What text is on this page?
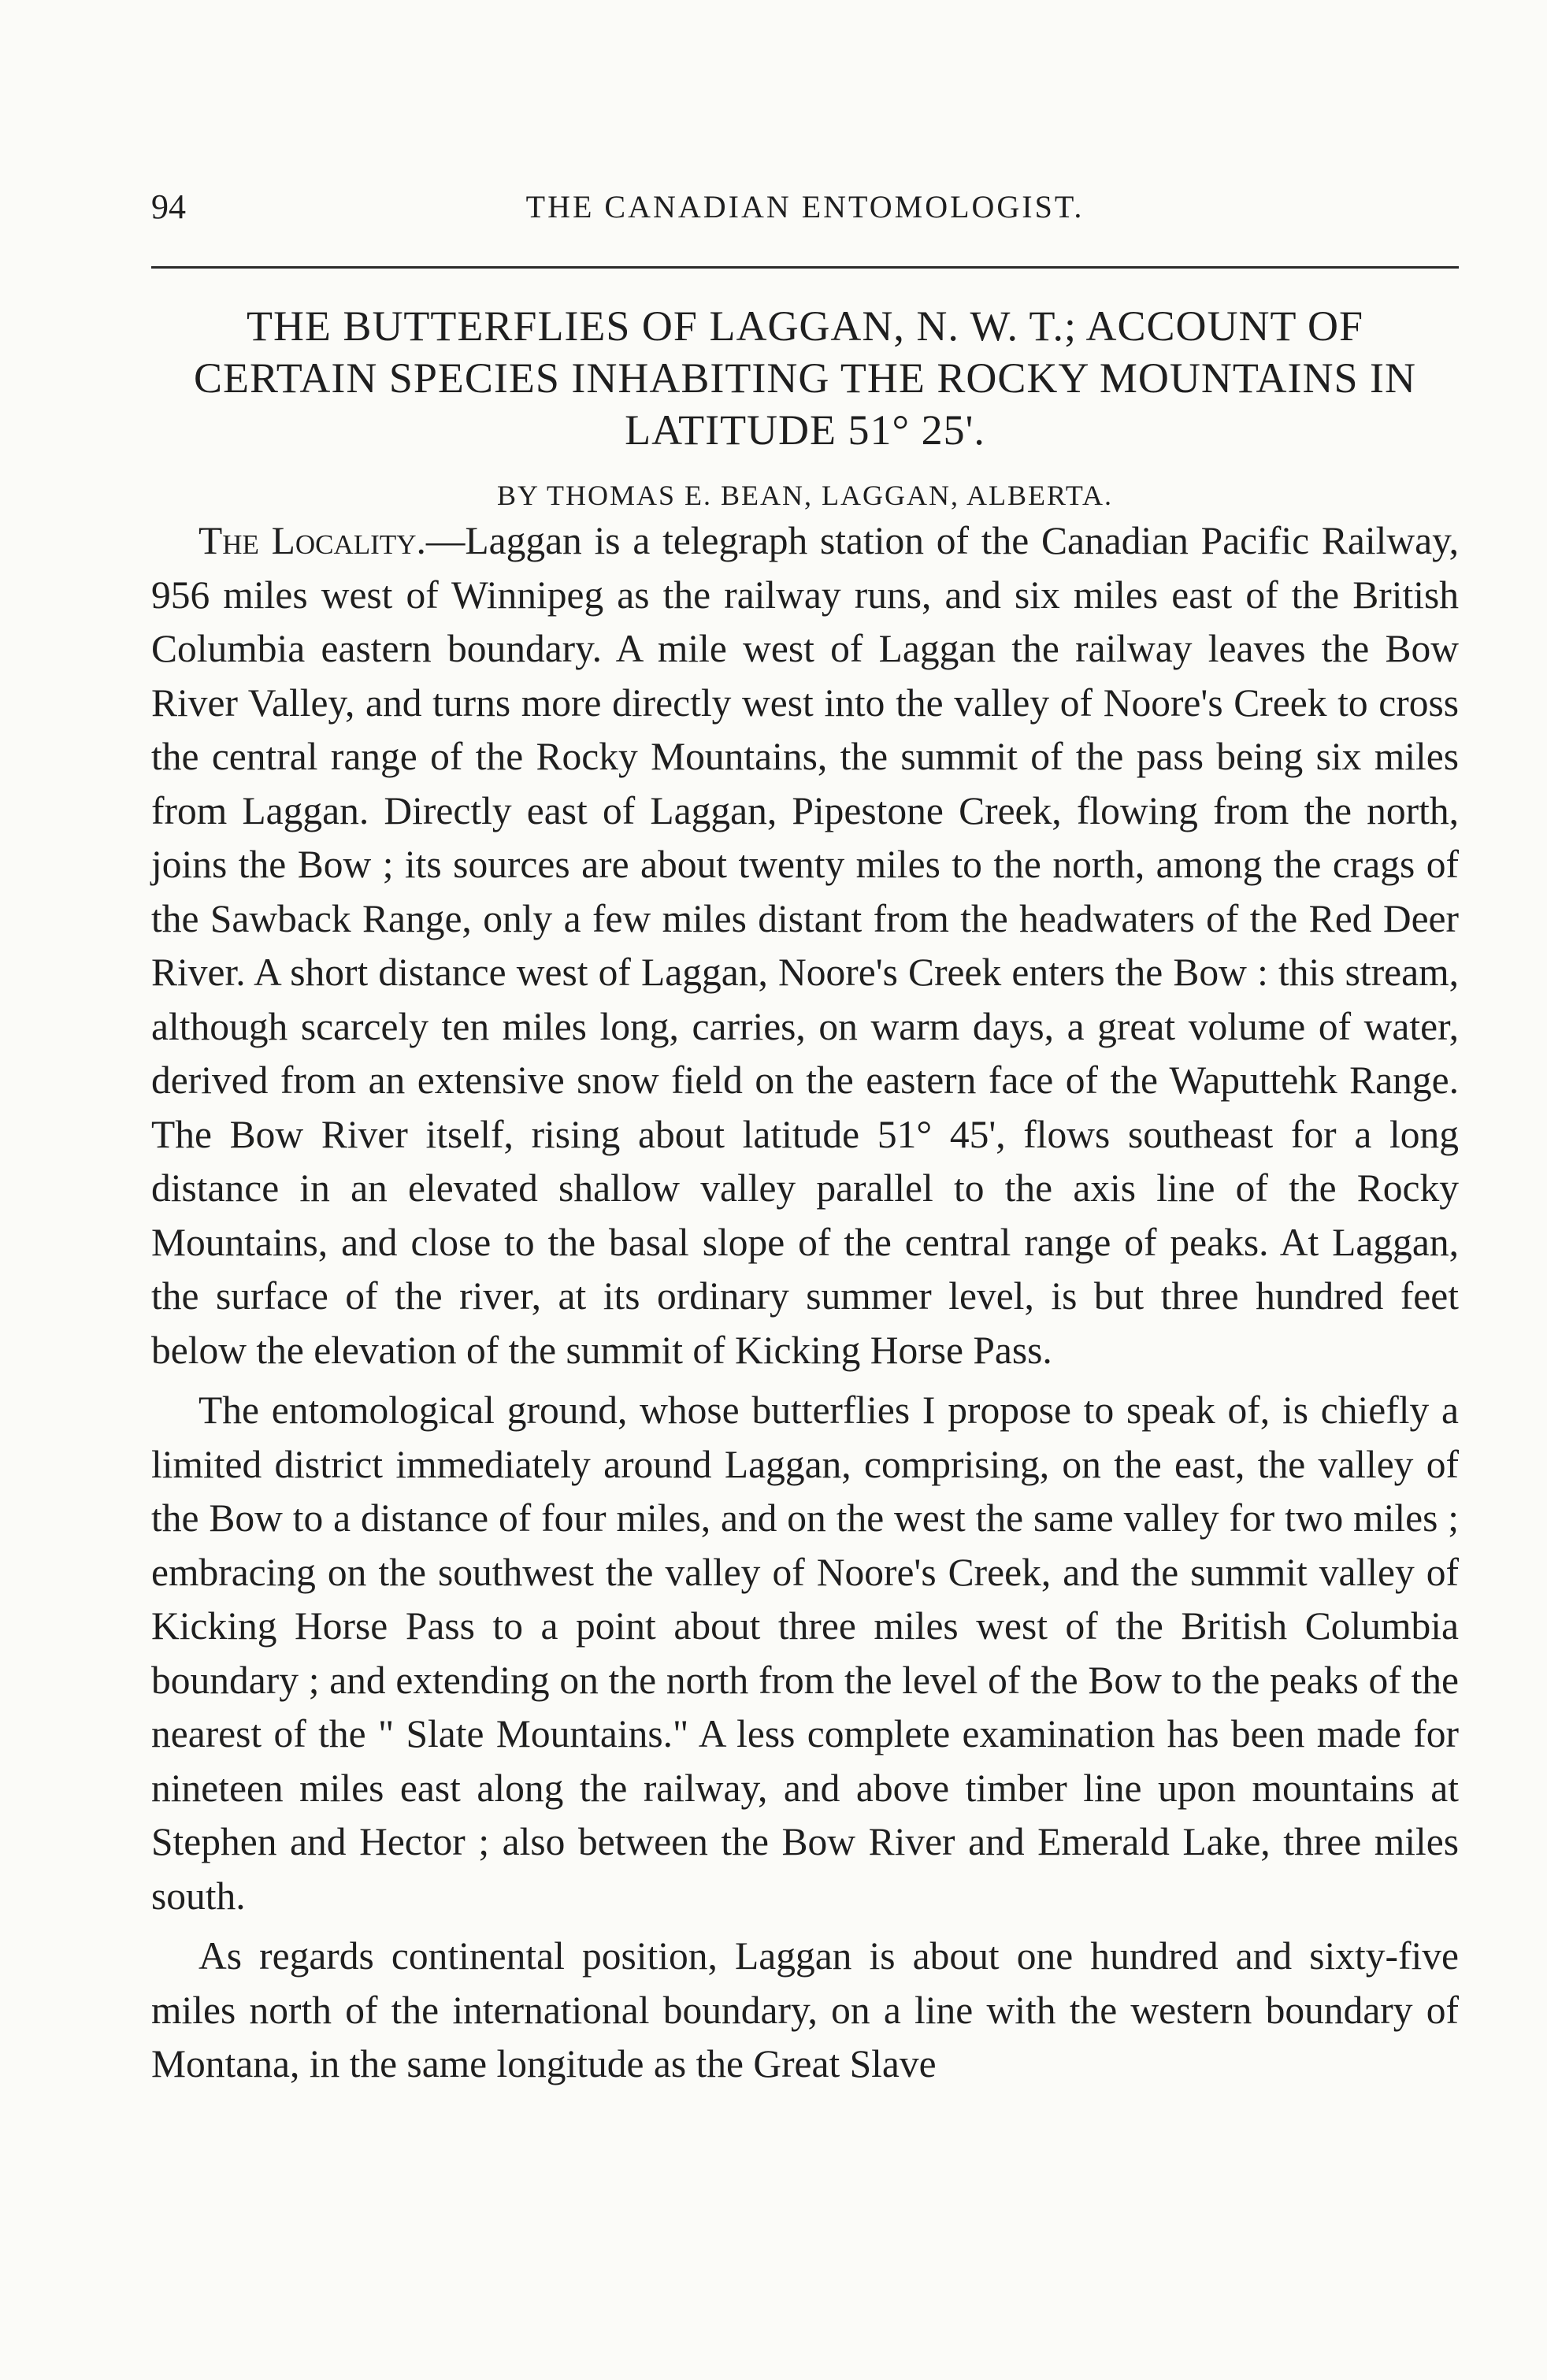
94	THE CANADIAN ENTOMOLOGIST.
THE BUTTERFLIES OF LAGGAN, N. W. T.; ACCOUNT OF CERTAIN SPECIES INHABITING THE ROCKY MOUNTAINS IN LATITUDE 51° 25'.
BY THOMAS E. BEAN, LAGGAN, ALBERTA.

The Locality.—Laggan is a telegraph station of the Canadian Pacific Railway, 956 miles west of Winnipeg as the railway runs, and six miles east of the British Columbia eastern boundary. A mile west of Laggan the railway leaves the Bow River Valley, and turns more directly west into the valley of Noore's Creek to cross the central range of the Rocky Mountains, the summit of the pass being six miles from Laggan. Directly east of Laggan, Pipestone Creek, flowing from the north, joins the Bow ; its sources are about twenty miles to the north, among the crags of the Sawback Range, only a few miles distant from the headwaters of the Red Deer River. A short distance west of Laggan, Noore's Creek enters the Bow : this stream, although scarcely ten miles long, carries, on warm days, a great volume of water, derived from an extensive snow field on the eastern face of the Waputtehk Range. The Bow River itself, rising about latitude 51° 45', flows southeast for a long distance in an elevated shallow valley parallel to the axis line of the Rocky Mountains, and close to the basal slope of the central range of peaks. At Laggan, the surface of the river, at its ordinary summer level, is but three hundred feet below the elevation of the summit of Kicking Horse Pass.

The entomological ground, whose butterflies I propose to speak of, is chiefly a limited district immediately around Laggan, comprising, on the east, the valley of the Bow to a distance of four miles, and on the west the same valley for two miles ; embracing on the southwest the valley of Noore's Creek, and the summit valley of Kicking Horse Pass to a point about three miles west of the British Columbia boundary ; and extending on the north from the level of the Bow to the peaks of the nearest of the " Slate Mountains." A less complete examination has been made for nineteen miles east along the railway, and above timber line upon mountains at Stephen and Hector ; also between the Bow River and Emerald Lake, three miles south.

As regards continental position, Laggan is about one hundred and sixty-five miles north of the international boundary, on a line with the western boundary of Montana, in the same longitude as the Great Slave
